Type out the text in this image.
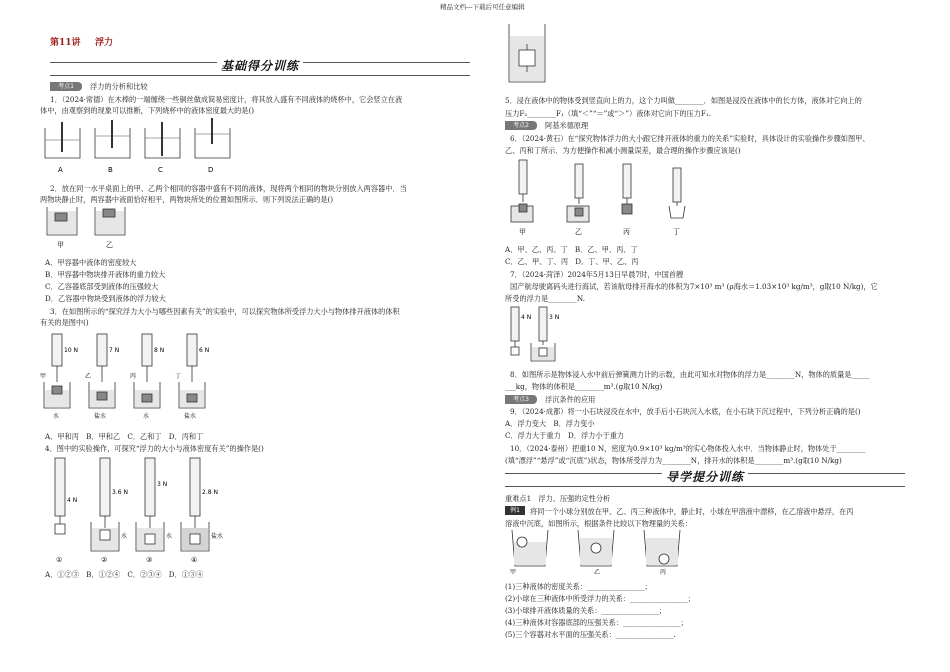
精品文档---下载后可任意编辑
第11讲 浮力
基础得分训练
考点1	浮力的分析和比较
1．（2024·常德）在木棒的一端缠绕一些铜丝做成简易密度计，将其放入盛有不同液体的烧杯中，它会竖立在液
体中，由观察到的现象可以推断，下列烧杯中的液体密度最大的是()
A	B	C	D
2．放在同一水平桌面上的甲、乙两个相同的容器中盛有不同的液体，现将两个相同的物块分别放入两容器中．当
两物块静止时，两容器中液面恰好相平，两物块所处的位置如图所示．则下列说法正确的是()
甲	乙
A．甲容器中液体的密度较大
B．甲容器中物块排开液体的重力较大
C．乙容器底部受到液体的压强较大
D．乙容器中物块受到液体的浮力较大
3．在如图所示的“探究浮力大小与哪些因素有关”的实验中，可以探究物体所受浮力大小与物体排开液体的体积
有关的是图中()
10 N	7 N	8 N	6 N
甲	乙	丙	丁
水	盐水	水	盐水
A．甲和丙　B．甲和乙　C．乙和丁　D．丙和丁
4．图中的实验操作，可探究“浮力的大小与液体密度有关”的操作是()
4 N
3.6 N
3 N
2.8 N
水	水	盐水
①	②	③	④
A．①②③　B．①②④　C．②③④　D．①③④
5．浸在液体中的物体受到竖直向上的力，这个力叫做________．如图是浸没在液体中的长方体，液体对它向上的
压力F₂________F₁（填“＜”“＝”或“＞”）液体对它向下的压力F₁.
考点2	阿基米德原理
6．（2024·黄石）在“探究物体浮力的大小跟它排开液体的重力的关系”实验时，具体设计的实验操作步骤如图甲、
乙、丙和丁所示．为方便操作和减小测量误差，最合理的操作步骤应该是()
甲	乙	丙	丁
A．甲、乙、丙、丁　B．乙、甲、丙、丁
C．乙、甲、丁、丙　D．丁、甲、乙、丙
7．（2024·菏泽）2024年5月13日早晨7时，中国首艘
国产航母驶离码头进行海试，若该航母排开海水的体积为7×10³ m³ (ρ海水＝1.03×10³ kg/m³，g取10 N/kg)，它
所受的浮力是________N.
4 N	3 N
8．如图所示是物体浸入水中前后弹簧测力计的示数，由此可知水对物体的浮力是________N，物体的质量是_____
___kg，物体的体积是________m³.(g取10 N/kg)
考点3	浮沉条件的应用
9．（2024·成都）将一小石块浸没在水中，放手后小石块沉入水底，在小石块下沉过程中，下列分析正确的是()
A．浮力变大　B．浮力变小
C．浮力大于重力　D．浮力小于重力
10．（2024·泰州）把重10 N，密度为0.9×10³ kg/m³的实心物体投入水中．当物体静止时，物体处于________
(填“漂浮”“悬浮”或“沉底”)状态，物体所受浮力为________N，排开水的体积是________m³.(g取10 N/kg)
导学提分训练
重难点1　浮力、压强的定性分析
例1	将同一个小球分别放在甲、乙、丙三种液体中，静止时，小球在甲溶液中漂移，在乙溶液中悬浮，在丙
溶液中沉底，如图所示，根据条件比较以下物理量的关系：
甲	乙	丙
(1)三种液体的密度关系：________________；
(2)小球在三种液体中所受浮力的关系：________________；
(3)小球排开液体质量的关系：________________；
(4)三种液体对容器底部的压强关系：________________；
(5)三个容器对水平面的压强关系：________________.
